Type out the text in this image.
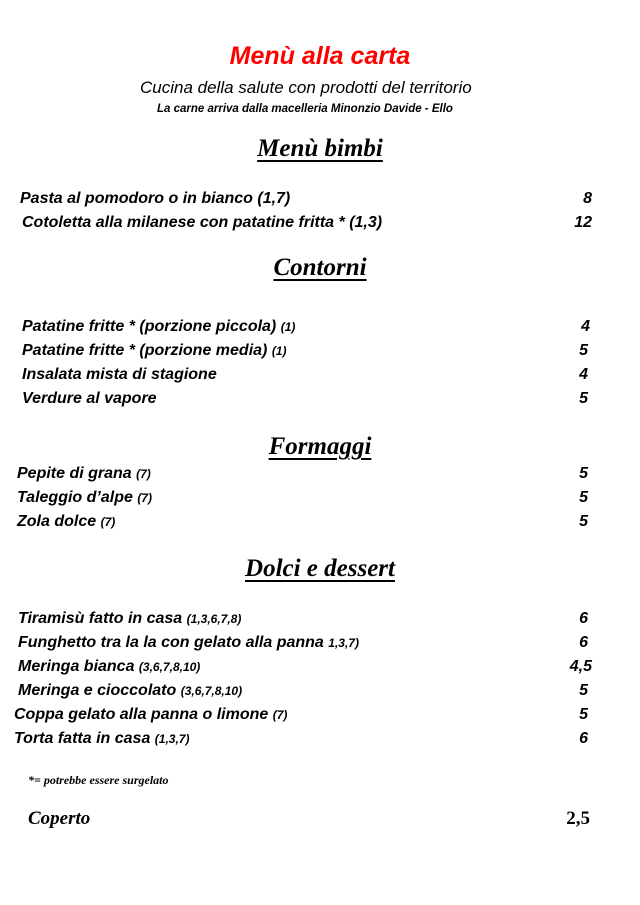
Menù alla carta
Cucina della salute con prodotti del territorio
La carne arriva dalla macelleria Minonzio Davide - Ello
Menù bimbi
Pasta al pomodoro o in bianco (1,7)	8
Cotoletta alla milanese con patatine fritta * (1,3)	12
Contorni
Patatine fritte * (porzione piccola) (1)	4
Patatine fritte * (porzione media) (1)	5
Insalata mista di stagione	4
Verdure al vapore	5
Formaggi
Pepite di grana (7)	5
Taleggio d’alpe (7)	5
Zola dolce (7)	5
Dolci e dessert
Tiramisù fatto in casa (1,3,6,7,8)	6
Funghetto tra la la con gelato alla panna 1,3,7)	6
Meringa bianca (3,6,7,8,10)	4,5
Meringa e cioccolato (3,6,7,8,10)	5
Coppa gelato alla panna o limone (7)	5
Torta fatta in casa (1,3,7)	6
*= potrebbe essere surgelato
Coperto	2,5
